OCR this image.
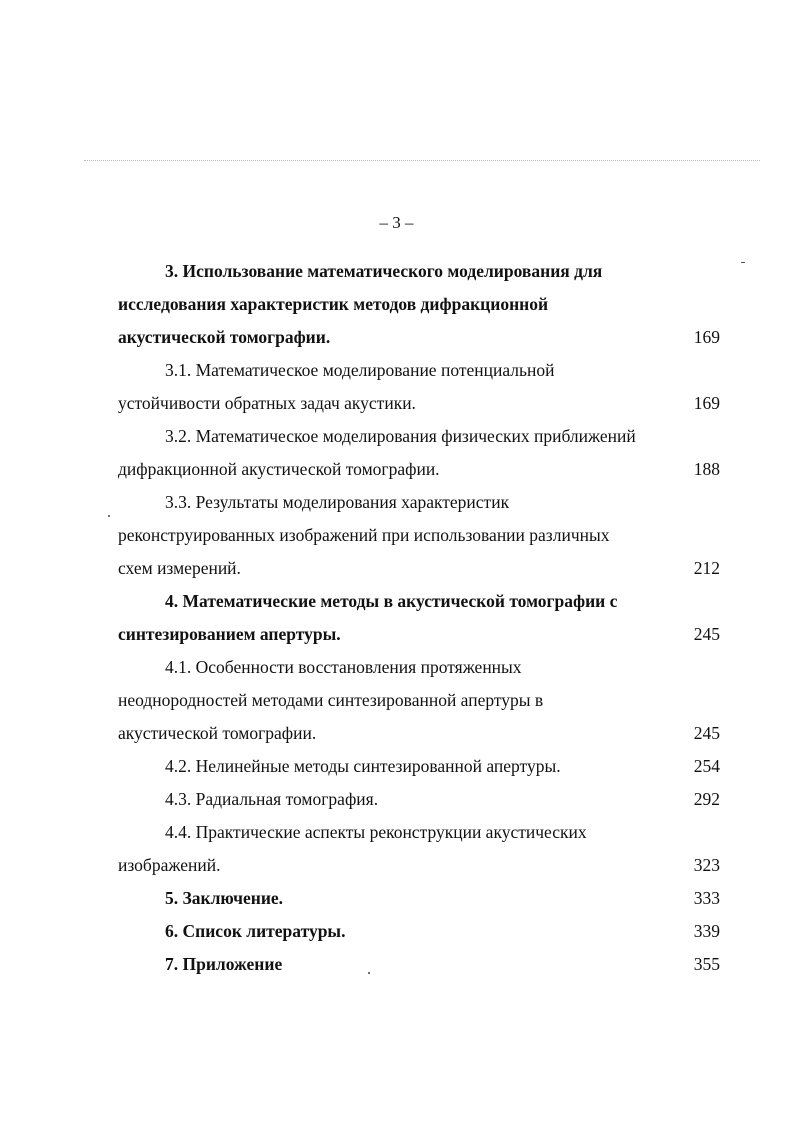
– 3 –
3. Использование математического моделирования для
исследования характеристик методов дифракционной
акустической томографии.	169
3.1. Математическое моделирование потенциальной
устойчивости обратных задач акустики.	169
3.2. Математическое моделирования физических приближений
дифракционной акустической томографии.	188
3.3. Результаты моделирования характеристик
реконструированных изображений при использовании различных
схем измерений.	212
4. Математические методы в акустической томографии с
синтезированием апертуры.	245
4.1. Особенности восстановления протяженных
неоднородностей методами синтезированной апертуры в
акустической томографии.	245
4.2. Нелинейные методы синтезированной апертуры.	254
4.3. Радиальная томография.	292
4.4. Практические аспекты реконструкции акустических
изображений.	323
5. Заключение.	333
6. Список литературы.	339
7. Приложение	355
